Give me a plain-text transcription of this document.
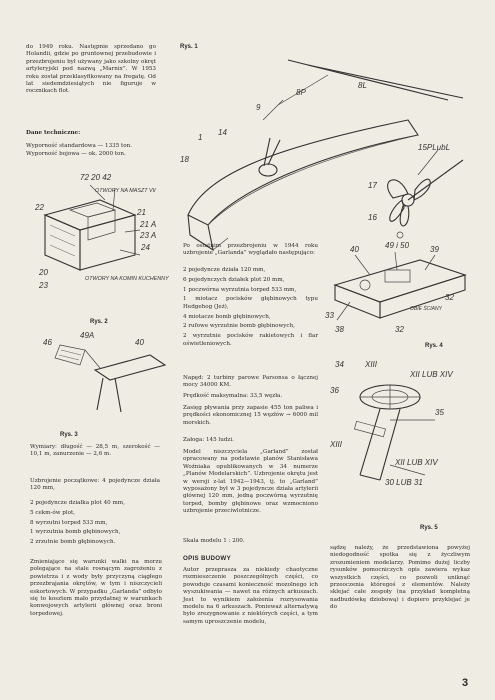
do 1949 roku. Następnie sprzedano go Holandii, gdzie po gruntownej przebudowie i przezbrojeniu był używany jako szkolny okręt artyleryjski pod nazwą „Marnix”. W 1953 roku został przeklasyfikowany na fregatę. Od lat siedemdziesiątych nie figuruje w rocznikach flot.

Dane techniczne:

Wyporność standardowa — 1335 ton.

Wyporność bojowa — ok. 2000 ton.

72 20 42
22
OTWORY NA MASZT VII
21
21 A
23 A
24
20
23
OTWORY NA KOMIN KUCHENNY
Rys. 2
46
49A
40
Rys. 3

Wymiary: długość — 28,5 m, szerokość — 10,1 m, zanurzenie — 2,6 m.

Uzbrojenie początkowe: 4 pojedyncze działa 120 mm,

2 pojedyncze działka plot 40 mm,

5 cekm-ów plot,

8 wyrzutni torped 533 mm,

1 wyrzutnia bomb głębinowych,

2 zrzutnie bomb głębinowych.

Zmieniające się warunki walki na morzu polegające na stale rosnącym zagrożeniu z powietrza i z wody były przyczyną ciągłego przezbrajania okrętów, w tym i niszczycieli eskortowych. W przypadku „Garlanda” odbyło się to kosztem mało przydatnej w warunkach konwojowych artylerii głównej oraz broni torpedowej.

Rys. 1
8P
8L
9
1
14
18
17
15PLubL
16

Po ostatnim przezbrojeniu w 1944 roku uzbrojenie „Garlanda” wyglądało następująco:

2 pojedyncze działa 120 mm,

6 pojedynczych działek plot 20 mm,

1 poczwórna wyrzutnia torped 533 mm,

1 miotacz pocisków głębinowych typu Hedgehog (Jeż),

4 miotacze bomb głębinowych,

2 rufowe wyrzutnie bomb głębinowych,

2 wyrzutnie pocisków rakietowych i flar oświetleniowych.

Napęd: 2 turbiny parowe Parsonsa o łącznej mocy 34000 KM.

Prędkość maksymalna: 33,5 węzła.

Zasięg pływania przy zapasie 455 ton paliwa i prędkości ekonomicznej 15 węzłów → 6000 mil morskich.

Załoga: 145 ludzi.

Model niszczyciela „Garland” został opracowany na podstawie planów Stanisława Woźniaka opublikowanych w 34 numerze „Planów Modelarskich”. Uzbrojenie okrętu jest w wersji z-lat 1942—1943, tj. to „Garland” wyposażony był w 3 pojedyncze działa artylerii głównej 120 mm, jedną poczwórną wyrzutnię torped, bomby głębinowe oraz wzmocniono uzbrojenie przeciwlotnicze.

Skala modelu 1 : 200.

OPIS BUDOWY

Autor przeprasza za niekiedy chaotyczne rozmieszczenie poszczególnych części, co powoduje czasami konieczność mozolnego ich wyszukiwania — nawet na różnych arkuszach. Jest to wynikiem założenia rozrysowania modelu na 6 arkuszach. Ponieważ alternatywą było zrezygnowanie z niektórych części, a tym samym uproszczenie modelu,

40	49 i 50	39
33
32
38
OBIE ŚCIANY
32
Rys. 4
34	XIII
36
XII LUB XIV
XIII
35
XII LUB XIV
30 LUB 31
Rys. 5

sądzę należy, że przedstawiona powyżej niedogodność spotka się z życzliwym zrozumieniem modelarzy. Pomimo dużej liczby rysunków pomocniczych opis zawiera wykaz wszystkich części, co pozwoli uniknąć przeoczenia któregoś z elementów. Należy sklejać całe zespoły (na przykład kompletną nadbudówkę dziobową) i dopiero przyklejać je do

3
